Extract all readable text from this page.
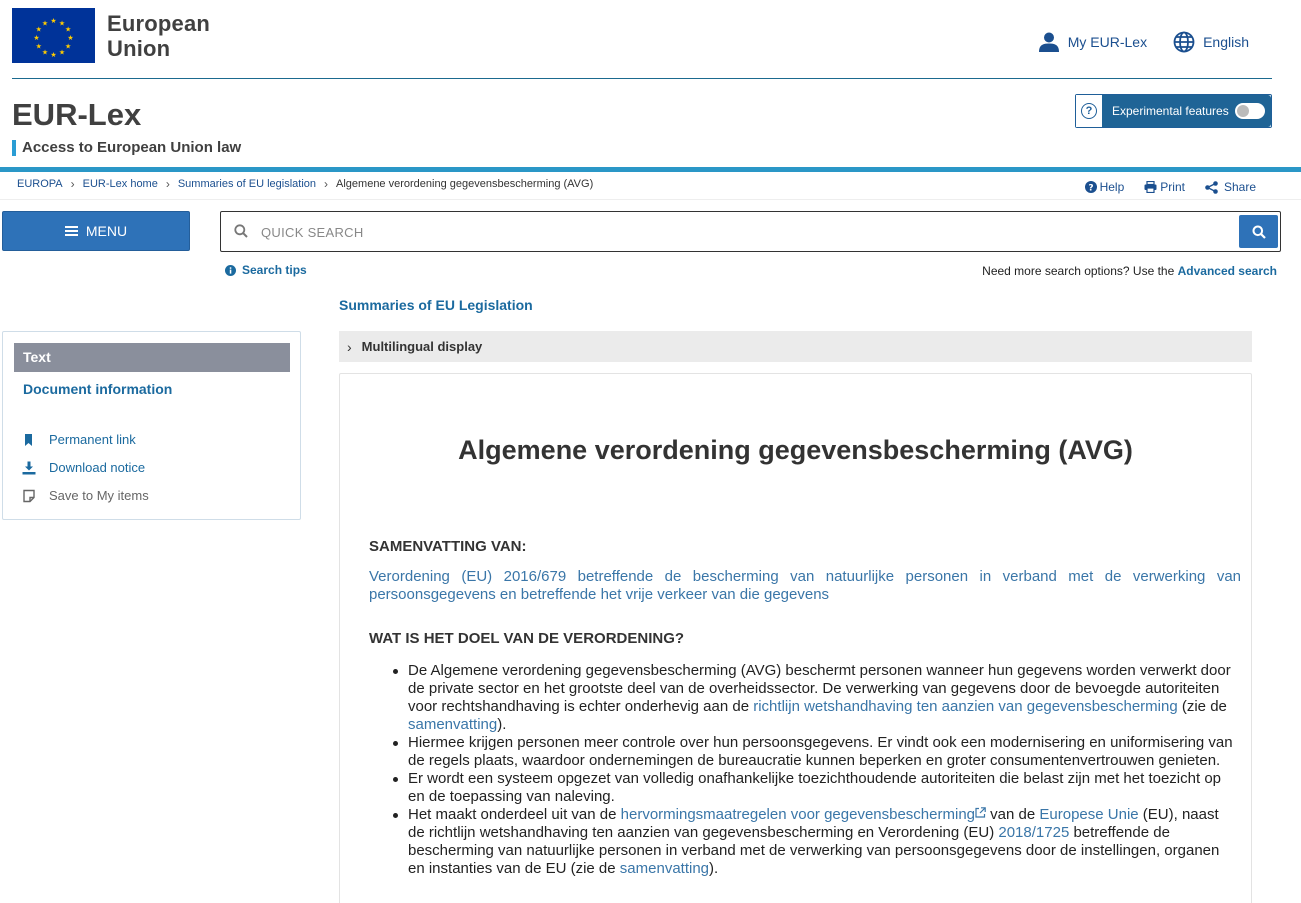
★ ★
★
★
★
★
★
★
★
★
★
★	European
Union	My EUR-Lex	English
EUR-Lex
Access to European Union law
?	Experimental features
EUROPA › EUR-Lex home › Summaries of EU legislation › Algemene verordening gegevensbescherming (AVG)	? Help	Print	Share
MENU
QUICK SEARCH
Search tips	Need more search options? Use the Advanced search
Summaries of EU Legislation
Text
Document information
Permanent link
Download notice
Save to My items
› Multilingual display
Algemene verordening gegevensbescherming (AVG)
SAMENVATTING VAN:
Verordening (EU) 2016/679 betreffende de bescherming van natuurlijke personen in verband met de verwerking van persoonsgegevens en betreffende het vrije verkeer van die gegevens
WAT IS HET DOEL VAN DE VERORDENING?
De Algemene verordening gegevensbescherming (AVG) beschermt personen wanneer hun gegevens worden verwerkt door de private sector en het grootste deel van de overheidssector. De verwerking van gegevens door de bevoegde autoriteiten voor rechtshandhaving is echter onderhevig aan de richtlijn wetshandhaving ten aanzien van gegevensbescherming (zie de samenvatting).
Hiermee krijgen personen meer controle over hun persoonsgegevens. Er vindt ook een modernisering en uniformisering van de regels plaats, waardoor ondernemingen de bureaucratie kunnen beperken en groter consumentenvertrouwen genieten.
Er wordt een systeem opgezet van volledig onafhankelijke toezichthoudende autoriteiten die belast zijn met het toezicht op en de toepassing van naleving.
Het maakt onderdeel uit van de hervormingsmaatregelen voor gegevensbescherming van de Europese Unie (EU), naast de richtlijn wetshandhaving ten aanzien van gegevensbescherming en Verordening (EU) 2018/1725 betreffende de bescherming van natuurlijke personen in verband met de verwerking van persoonsgegevens door de instellingen, organen en instanties van de EU (zie de samenvatting).
